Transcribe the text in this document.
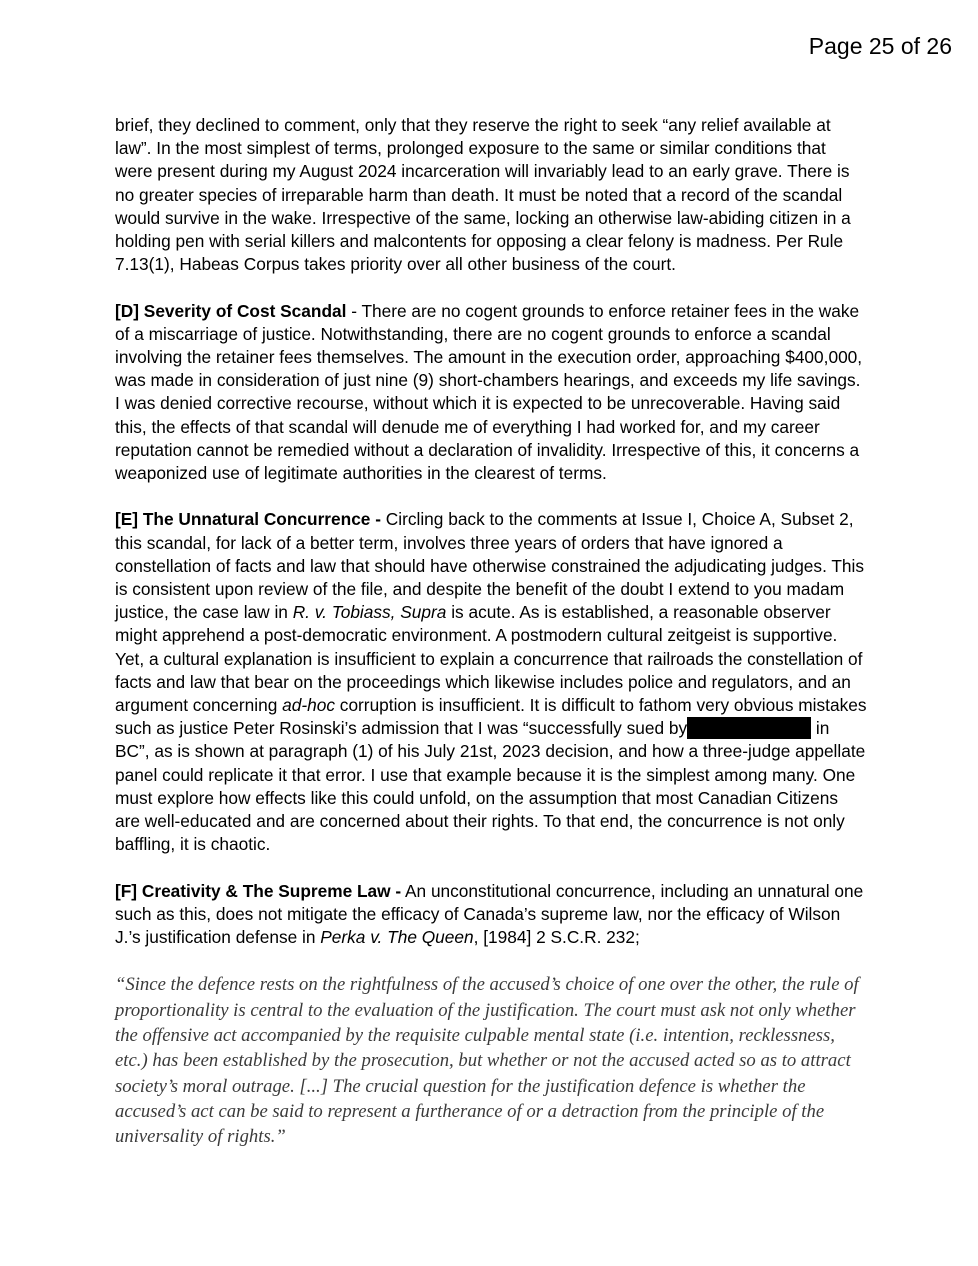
Page 25 of 26

brief, they declined to comment, only that they reserve the right to seek “any relief available at law”. In the most simplest of terms, prolonged exposure to the same or similar conditions that were present during my August 2024 incarceration will invariably lead to an early grave. There is no greater species of irreparable harm than death. It must be noted that a record of the scandal would survive in the wake. Irrespective of the same, locking an otherwise law-abiding citizen in a holding pen with serial killers and malcontents for opposing a clear felony is madness. Per Rule 7.13(1), Habeas Corpus takes priority over all other business of the court.

[D] Severity of Cost Scandal - There are no cogent grounds to enforce retainer fees in the wake of a miscarriage of justice. Notwithstanding, there are no cogent grounds to enforce a scandal involving the retainer fees themselves. The amount in the execution order, approaching $400,000, was made in consideration of just nine (9) short-chambers hearings, and exceeds my life savings. I was denied corrective recourse, without which it is expected to be unrecoverable. Having said this, the effects of that scandal will denude me of everything I had worked for, and my career reputation cannot be remedied without a declaration of invalidity. Irrespective of this, it concerns a weaponized use of legitimate authorities in the clearest of terms.

[E] The Unnatural Concurrence - Circling back to the comments at Issue I, Choice A, Subset 2, this scandal, for lack of a better term, involves three years of orders that have ignored a constellation of facts and law that should have otherwise constrained the adjudicating judges. This is consistent upon review of the file, and despite the benefit of the doubt I extend to you madam justice, the case law in R. v. Tobiass, Supra is acute. As is established, a reasonable observer might apprehend a post-democratic environment. A postmodern cultural zeitgeist is supportive. Yet, a cultural explanation is insufficient to explain a concurrence that railroads the constellation of facts and law that bear on the proceedings which likewise includes police and regulators, and an argument concerning ad-hoc corruption is insufficient. It is difficult to fathom very obvious mistakes such as justice Peter Rosinski’s admission that I was “successfully sued by	in BC”, as is shown at paragraph (1) of his July 21st, 2023 decision, and how a three-judge appellate panel could replicate it that error. I use that example because it is the simplest among many. One must explore how effects like this could unfold, on the assumption that most Canadian Citizens are well-educated and are concerned about their rights. To that end, the concurrence is not only baffling, it is chaotic.

[F] Creativity & The Supreme Law - An unconstitutional concurrence, including an unnatural one such as this, does not mitigate the efficacy of Canada’s supreme law, nor the efficacy of Wilson J.’s justification defense in Perka v. The Queen, [1984] 2 S.C.R. 232;

“Since the defence rests on the rightfulness of the accused’s choice of one over the other, the rule of proportionality is central to the evaluation of the justification. The court must ask not only whether the offensive act accompanied by the requisite culpable mental state (i.e. intention, recklessness, etc.) has been established by the prosecution, but whether or not the accused acted so as to attract society’s moral outrage. [...] The crucial question for the justification defence is whether the accused’s act can be said to represent a furtherance of or a detraction from the principle of the universality of rights.”
